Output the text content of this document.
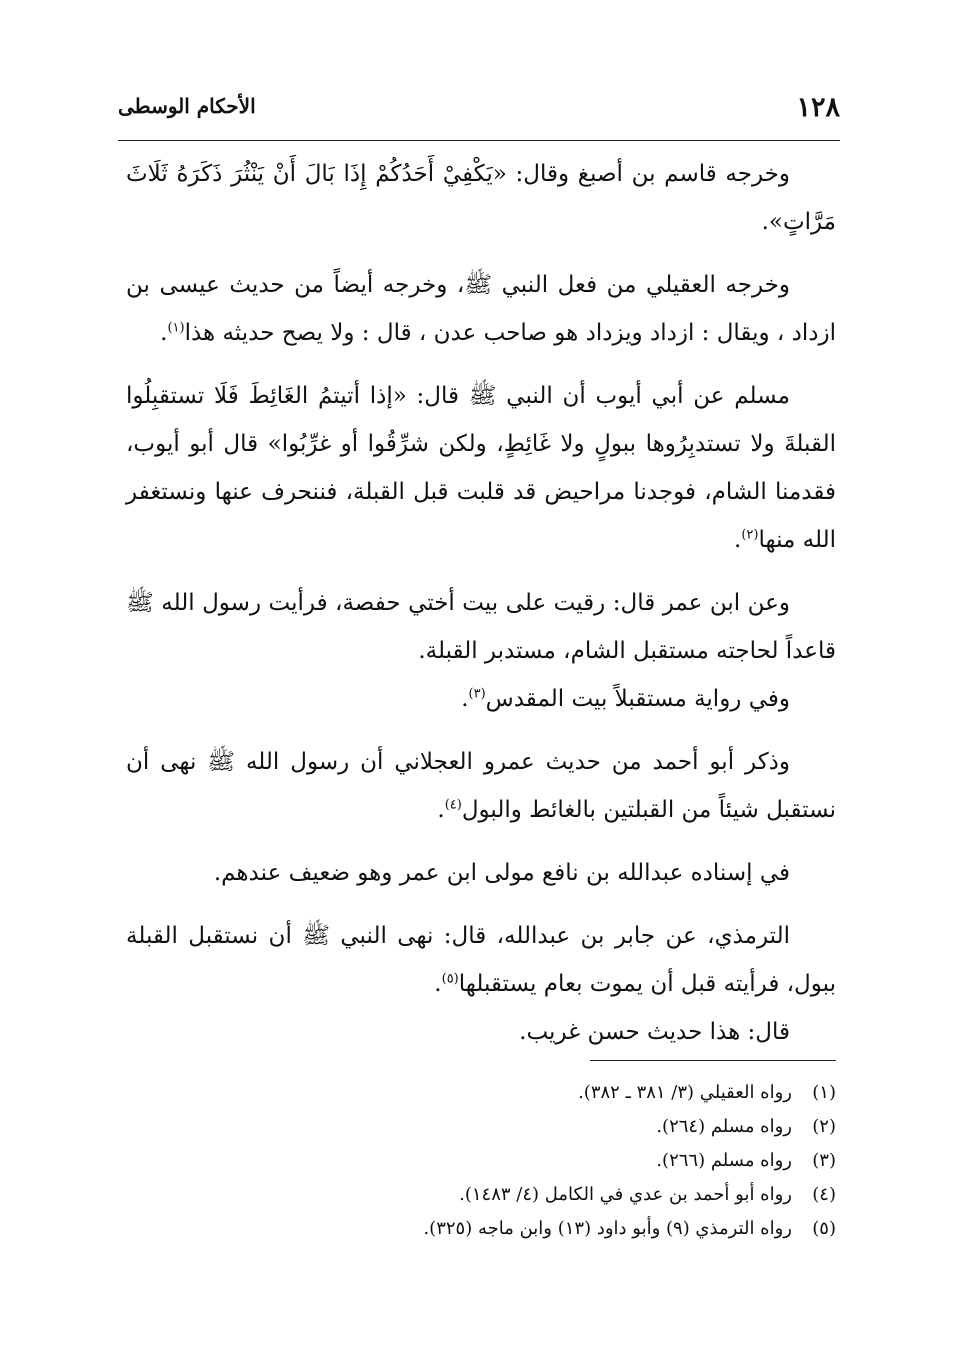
١٢٨
الأحكام الوسطى

وخرجه قاسم بن أصبغ وقال: «يَكْفِيْ أَحَدُكُمْ إِذَا بَالَ أَنْ يَنْثُرَ ذَكَرَهُ ثَلَاثَ مَرَّاتٍ».

وخرجه العقيلي من فعل النبي ﷺ، وخرجه أيضاً من حديث عيسى بن ازداد ، ويقال : ازداد ويزداد هو صاحب عدن ، قال : ولا يصح حديثه هذا$^{(١)}$.

مسلم عن أبي أيوب أن النبي ﷺ قال: «إذا أتيتمُ الغَائِطَ فَلَا تستقبِلُوا القبلةَ ولا تستدبِرُوها ببولٍ ولا غَائِطٍ، ولكن شرِّقُوا أو غرِّبُوا» قال أبو أيوب، فقدمنا الشام، فوجدنا مراحيض قد قلبت قبل القبلة، فننحرف عنها ونستغفر الله منها$^{(٢)}$.

وعن ابن عمر قال: رقيت على بيت أختي حفصة، فرأيت رسول الله ﷺ قاعداً لحاجته مستقبل الشام، مستدبر القبلة.

وفي رواية مستقبلاً بيت المقدس$^{(٣)}$.

وذكر أبو أحمد من حديث عمرو العجلاني أن رسول الله ﷺ نهى أن نستقبل شيئاً من القبلتين بالغائط والبول$^{(٤)}$.

في إسناده عبدالله بن نافع مولى ابن عمر وهو ضعيف عندهم.

الترمذي، عن جابر بن عبدالله، قال: نهى النبي ﷺ أن نستقبل القبلة ببول، فرأيته قبل أن يموت بعام يستقبلها$^{(٥)}$.

قال: هذا حديث حسن غريب.

(١)رواه العقيلي (٣/ ٣٨١ ـ ٣٨٢).
(٢)رواه مسلم (٢٦٤).
(٣)رواه مسلم (٢٦٦).
(٤)رواه أبو أحمد بن عدي في الكامل (٤/ ١٤٨٣).
(٥)رواه الترمذي (٩) وأبو داود (١٣) وابن ماجه (٣٢٥).
